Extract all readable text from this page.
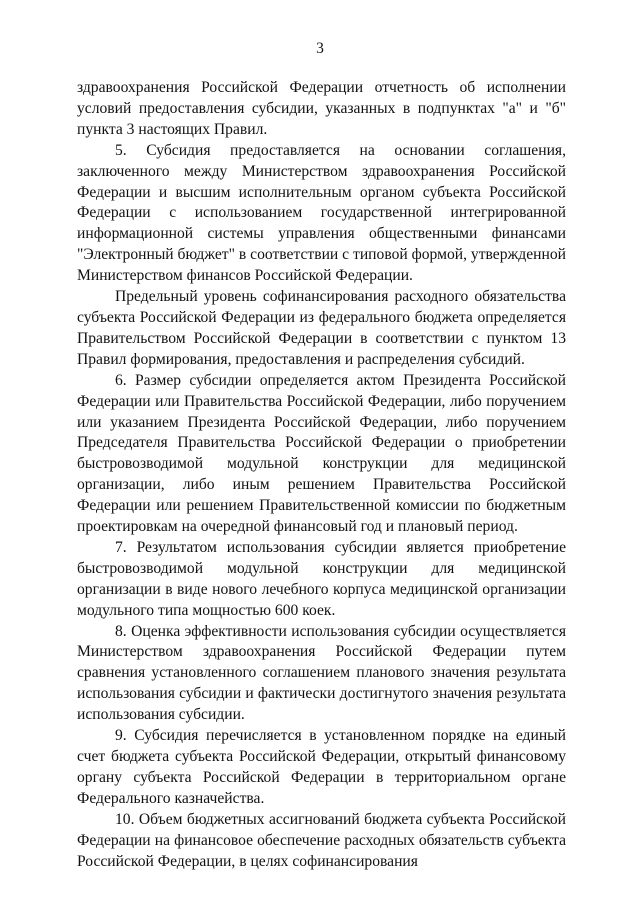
3

здравоохранения Российской Федерации отчетность об исполнении условий предоставления субсидии, указанных в подпунктах "а" и "б" пункта 3 настоящих Правил.

5. Субсидия предоставляется на основании соглашения, заключенного между Министерством здравоохранения Российской Федерации и высшим исполнительным органом субъекта Российской Федерации с использованием государственной интегрированной информационной системы управления общественными финансами "Электронный бюджет" в соответствии с типовой формой, утвержденной Министерством финансов Российской Федерации.

Предельный уровень софинансирования расходного обязательства субъекта Российской Федерации из федерального бюджета определяется Правительством Российской Федерации в соответствии с пунктом 13 Правил формирования, предоставления и распределения субсидий.

6. Размер субсидии определяется актом Президента Российской Федерации или Правительства Российской Федерации, либо поручением или указанием Президента Российской Федерации, либо поручением Председателя Правительства Российской Федерации о приобретении быстровозводимой модульной конструкции для медицинской организации, либо иным решением Правительства Российской Федерации или решением Правительственной комиссии по бюджетным проектировкам на очередной финансовый год и плановый период.

7. Результатом использования субсидии является приобретение быстровозводимой модульной конструкции для медицинской организации в виде нового лечебного корпуса медицинской организации модульного типа мощностью 600 коек.

8. Оценка эффективности использования субсидии осуществляется Министерством здравоохранения Российской Федерации путем сравнения установленного соглашением планового значения результата использования субсидии и фактически достигнутого значения результата использования субсидии.

9. Субсидия перечисляется в установленном порядке на единый счет бюджета субъекта Российской Федерации, открытый финансовому органу субъекта Российской Федерации в территориальном органе Федерального казначейства.

10. Объем бюджетных ассигнований бюджета субъекта Российской Федерации на финансовое обеспечение расходных обязательств субъекта Российской Федерации, в целях софинансирования
